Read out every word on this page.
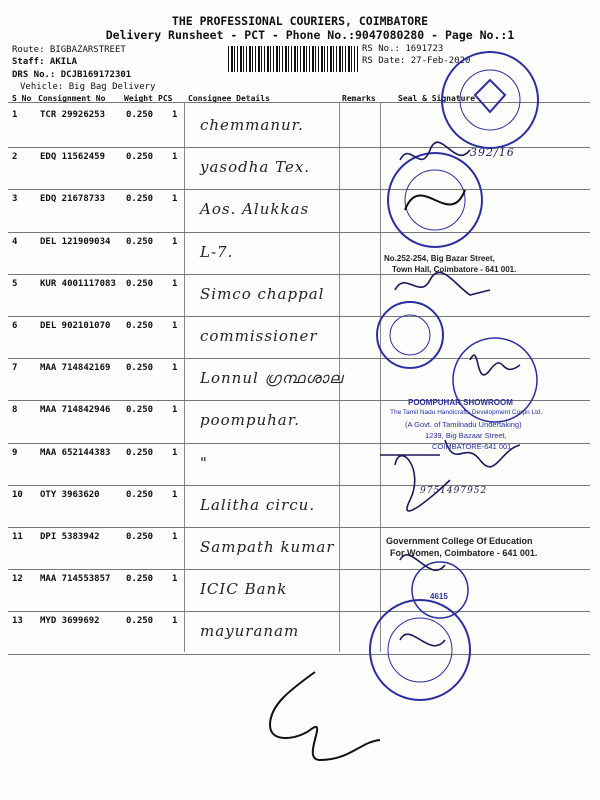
THE PROFESSIONAL COURIERS, COIMBATORE
Delivery Runsheet - PCT - Phone No.:9047080280 - Page No.:1
Route: BIGBAZARSTREET
Staff: AKILA
DRS No.: DCJB169172301
Vehicle: Big Bag Delivery
RS No.: 1691723
RS Date: 27-Feb-2020
S No Consignment No Weight PCS Consignee Details	Remarks	Seal & Signature
1	TCR 29926253 0.250 1
chemmanur.
2	EDQ 11562459 0.250 1
yasodha Tex.
3	EDQ 21678733 0.250 1
Aos. Alukkas
4	DEL 121909034 0.250 1
L-7.
5	KUR 4001117083 0.250 1
Simco chappal
6	DEL 902101070 0.250 1
commissioner
7	MAA 714842169 0.250 1
Lonnul ഗ്രന്ഥശാല
8	MAA 714842946 0.250 1
poompuhar.
9	MAA 652144383 0.250 1
"
10 OTY 3963620	0.250 1
Lalitha circu.
11 DPI 5383942	0.250 1
Sampath kumar
12 MAA 714553857 0.250 1
ICIC Bank
13 MYD 3699692	0.250 1
mayuranam
No.252-254, Big Bazar Street,
Town Hall, Coimbatore - 641 001.
POOMPUHAR SHOWROOM
The Tamil Nadu Handicrafts Development Corpn Ltd.
(A Govt. of Tamilnadu Undertaking)
1239, Big Bazaar Street,
COIMBATORE-641 001.
Government College Of Education
For Women, Coimbatore - 641 001.
9751497952
392/16
4615
